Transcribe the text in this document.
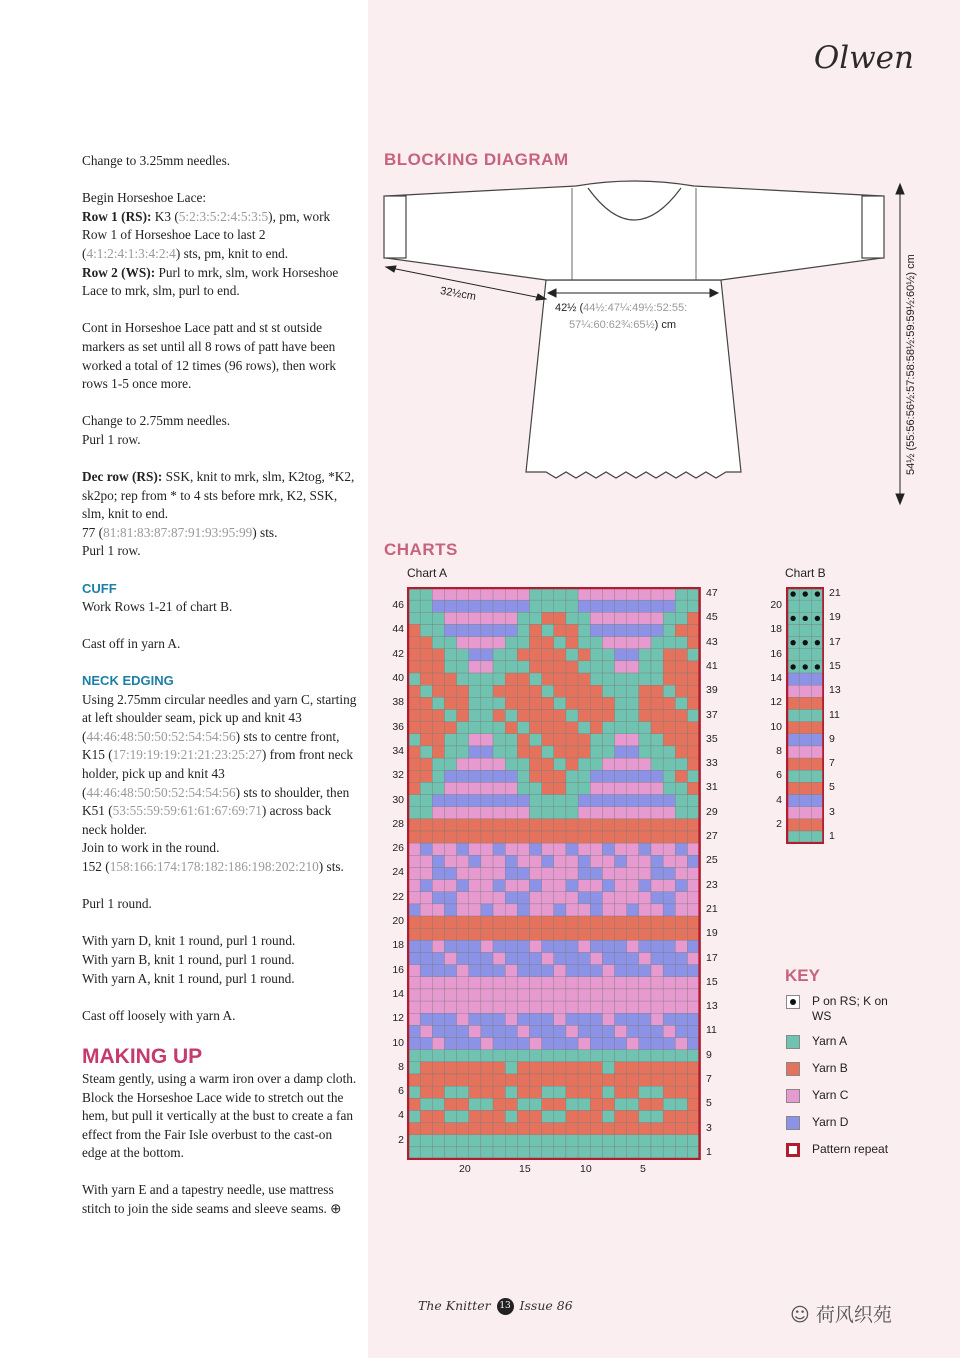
Olwen

Change to 3.25mm needles.

Begin Horseshoe Lace:
Row 1 (RS): K3 (5:2:3:5:2:4:5:3:5), pm, work Row 1 of Horseshoe Lace to last 2 (4:1:2:4:1:3:4:2:4) sts, pm, knit to end.
Row 2 (WS): Purl to mrk, slm, work Horseshoe Lace to mrk, slm, purl to end.

Cont in Horseshoe Lace patt and st st outside markers as set until all 8 rows of patt have been worked a total of 12 times (96 rows), then work rows 1-5 once more.

Change to 2.75mm needles.
Purl 1 row.

Dec row (RS): SSK, knit to mrk, slm, K2tog, *K2, sk2po; rep from * to 4 sts before mrk, K2, SSK, slm, knit to end.
77 (81:81:83:87:87:91:93:95:99) sts.
Purl 1 row.

CUFF
Work Rows 1-21 of chart B.

Cast off in yarn A.

NECK EDGING
Using 2.75mm circular needles and yarn C, starting at left shoulder seam, pick up and knit 43 (44:46:48:50:50:52:54:54:56) sts to centre front, K15 (17:19:19:19:21:21:23:25:27) from front neck holder, pick up and knit 43 (44:46:48:50:50:52:54:54:56) sts to shoulder, then K51 (53:55:59:59:61:61:67:69:71) across back neck holder.
Join to work in the round.
152 (158:166:174:178:182:186:198:202:210) sts.

Purl 1 round.

With yarn D, knit 1 round, purl 1 round.
With yarn B, knit 1 round, purl 1 round.
With yarn A, knit 1 round, purl 1 round.

Cast off loosely with yarn A.

MAKING UP

Steam gently, using a warm iron over a damp cloth. Block the Horseshoe Lace wide to stretch out the hem, but pull it vertically at the bust to create a fan effect from the Fair Isle overbust to the cast-on edge at the bottom.

With yarn E and a tapestry needle, use mattress stitch to join the side seams and sleeve seams. ⊕

BLOCKING DIAGRAM
32½cm
42½ (44½:47¼:49½:52:55:
57¼:60:62¾:65½) cm	54½ (55:56:56½:57:58:58½:59:59½:60½) cm
CHARTS
Chart A	Chart B
1
2
3
4
5
6
7
8
9
10
11
12
13
14
15
16
17
18
19
20
21
22
23
24
25
26
27
28
29
30
31
32
33
34
35
36
37
38
39
40
41
42
43
44
45
46
47
20	15	10	5
1
2
3
4
5
6
7
8
9
10
11
12
13
14
15
16
17
18
19
20
21
KEY
P on RS; K on WS
Yarn A
Yarn B
Yarn C
Yarn D
Pattern repeat
The Knitter 13 Issue 86	☺ 荷风织苑
